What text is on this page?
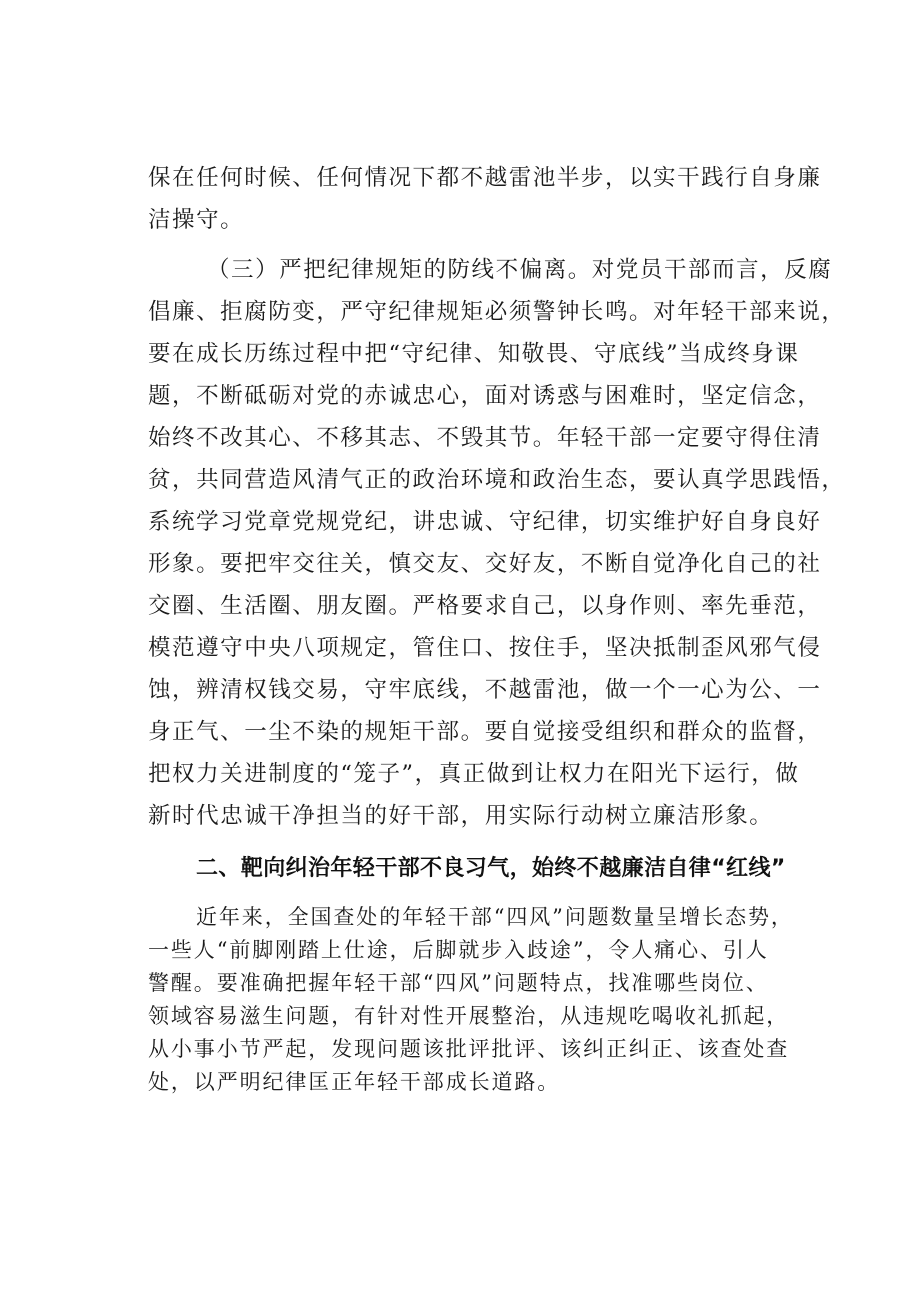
保在任何时候、任何情况下都不越雷池半步，以实干践行自身廉

洁操守。

（三）严把纪律规矩的防线不偏离。对党员干部而言，反腐

倡廉、拒腐防变，严守纪律规矩必须警钟长鸣。对年轻干部来说，

要在成长历练过程中把“守纪律、知敬畏、守底线”当成终身课

题，不断砥砺对党的赤诚忠心，面对诱惑与困难时，坚定信念，

始终不改其心、不移其志、不毁其节。年轻干部一定要守得住清

贫，共同营造风清气正的政治环境和政治生态，要认真学思践悟，

系统学习党章党规党纪，讲忠诚、守纪律，切实维护好自身良好

形象。要把牢交往关，慎交友、交好友，不断自觉净化自己的社

交圈、生活圈、朋友圈。严格要求自己，以身作则、率先垂范，

模范遵守中央八项规定，管住口、按住手，坚决抵制歪风邪气侵

蚀，辨清权钱交易，守牢底线，不越雷池，做一个一心为公、一

身正气、一尘不染的规矩干部。要自觉接受组织和群众的监督，

把权力关进制度的“笼子”，真正做到让权力在阳光下运行，做

新时代忠诚干净担当的好干部，用实际行动树立廉洁形象。

二、靶向纠治年轻干部不良习气，始终不越廉洁自律“红线”

近年来，全国查处的年轻干部“四风”问题数量呈增长态势，

一些人“前脚刚踏上仕途，后脚就步入歧途”，令人痛心、引人

警醒。要准确把握年轻干部“四风”问题特点，找准哪些岗位、

领域容易滋生问题，有针对性开展整治，从违规吃喝收礼抓起，

从小事小节严起，发现问题该批评批评、该纠正纠正、该查处查

处，以严明纪律匡正年轻干部成长道路。
